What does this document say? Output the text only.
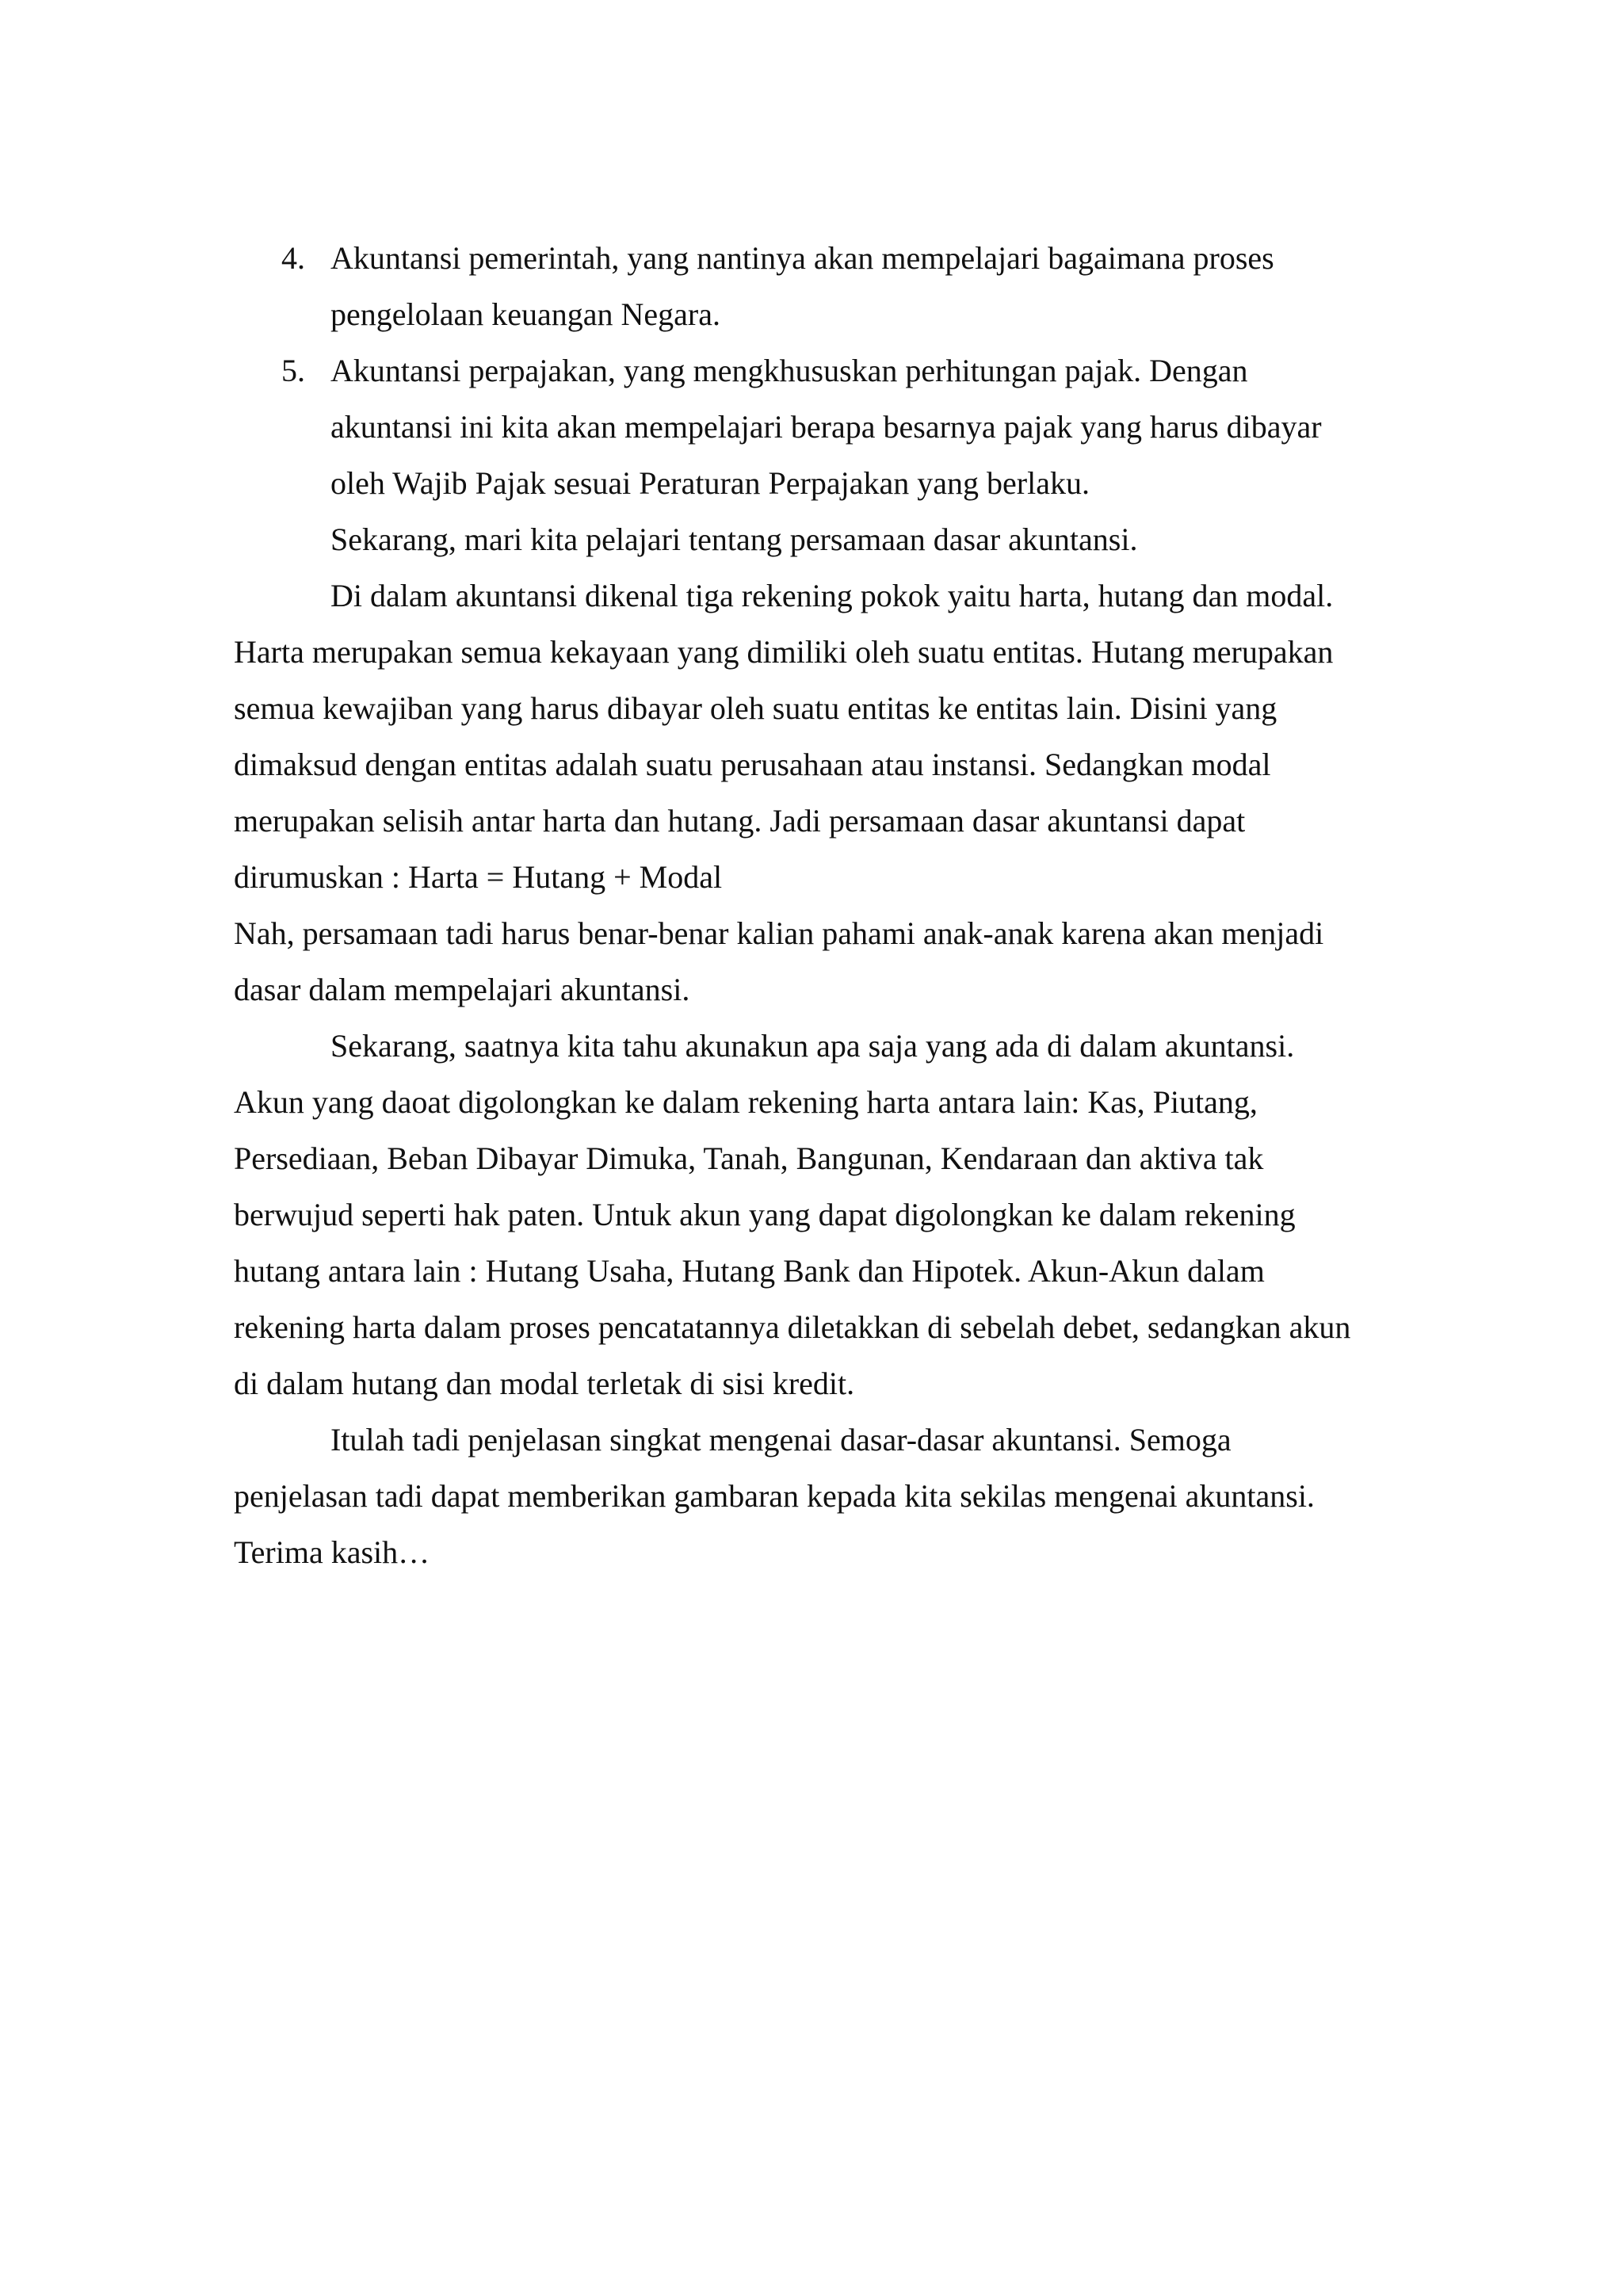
4. Akuntansi pemerintah, yang nantinya akan mempelajari bagaimana proses
pengelolaan keuangan Negara.
5. Akuntansi perpajakan, yang mengkhususkan perhitungan pajak. Dengan
akuntansi ini kita akan mempelajari berapa besarnya pajak yang harus dibayar
oleh Wajib Pajak sesuai Peraturan Perpajakan yang berlaku.
Sekarang, mari kita pelajari tentang persamaan dasar akuntansi.
Di dalam akuntansi dikenal tiga rekening pokok yaitu harta, hutang dan modal.
Harta merupakan semua kekayaan yang dimiliki oleh suatu entitas. Hutang merupakan
semua kewajiban yang harus dibayar oleh suatu entitas ke entitas lain. Disini yang
dimaksud dengan entitas adalah suatu perusahaan atau instansi. Sedangkan modal
merupakan selisih antar harta dan hutang. Jadi persamaan dasar akuntansi dapat
dirumuskan : Harta = Hutang + Modal
Nah, persamaan tadi harus benar-benar kalian pahami anak-anak karena akan menjadi
dasar dalam mempelajari akuntansi.
Sekarang, saatnya kita tahu akunakun apa saja yang ada di dalam akuntansi.
Akun yang daoat digolongkan ke dalam rekening harta antara lain: Kas, Piutang,
Persediaan, Beban Dibayar Dimuka, Tanah, Bangunan, Kendaraan dan aktiva tak
berwujud seperti hak paten. Untuk akun yang dapat digolongkan ke dalam rekening
hutang antara lain : Hutang Usaha, Hutang Bank dan Hipotek. Akun-Akun dalam
rekening harta dalam proses pencatatannya diletakkan di sebelah debet, sedangkan akun
di dalam hutang dan modal terletak di sisi kredit.
Itulah tadi penjelasan singkat mengenai dasar-dasar akuntansi. Semoga
penjelasan tadi dapat memberikan gambaran kepada kita sekilas mengenai akuntansi.
Terima kasih…
